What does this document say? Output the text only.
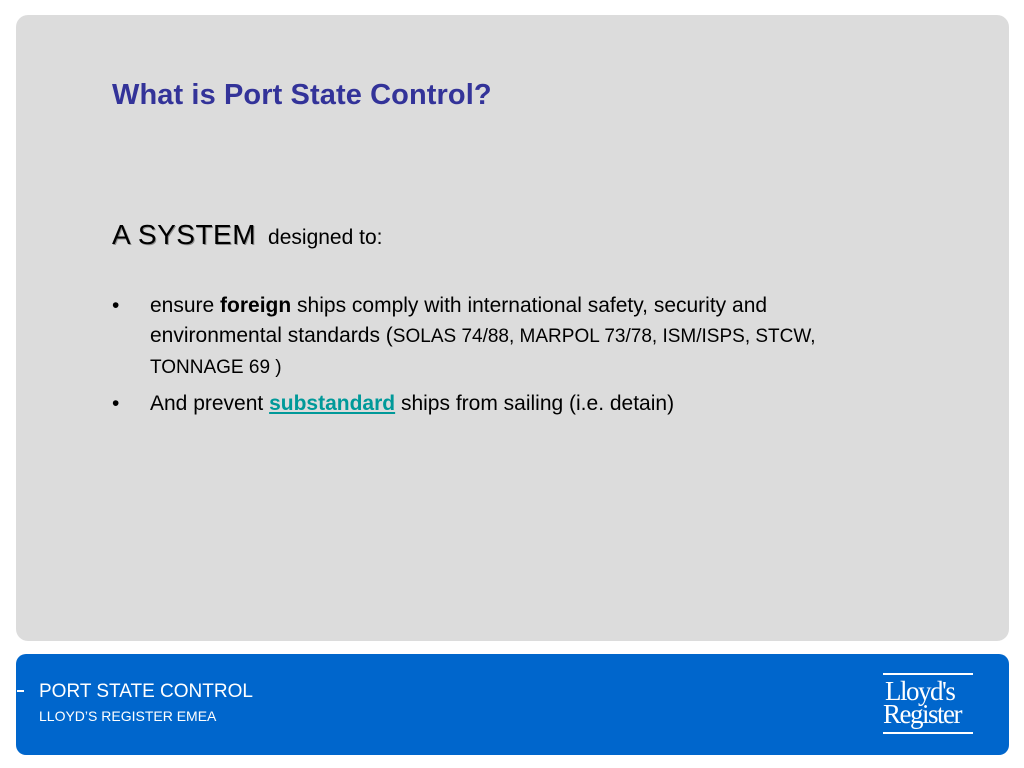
What is Port State Control?
A SYSTEM designed to:
• ensure foreign ships comply with international safety, security and environmental standards (SOLAS 74/88, MARPOL 73/78, ISM/ISPS, STCW, TONNAGE 69 )
• And prevent substandard ships from sailing (i.e. detain)
PORT STATE CONTROL
LLOYD’S REGISTER EMEA
Lloyd's
Register
